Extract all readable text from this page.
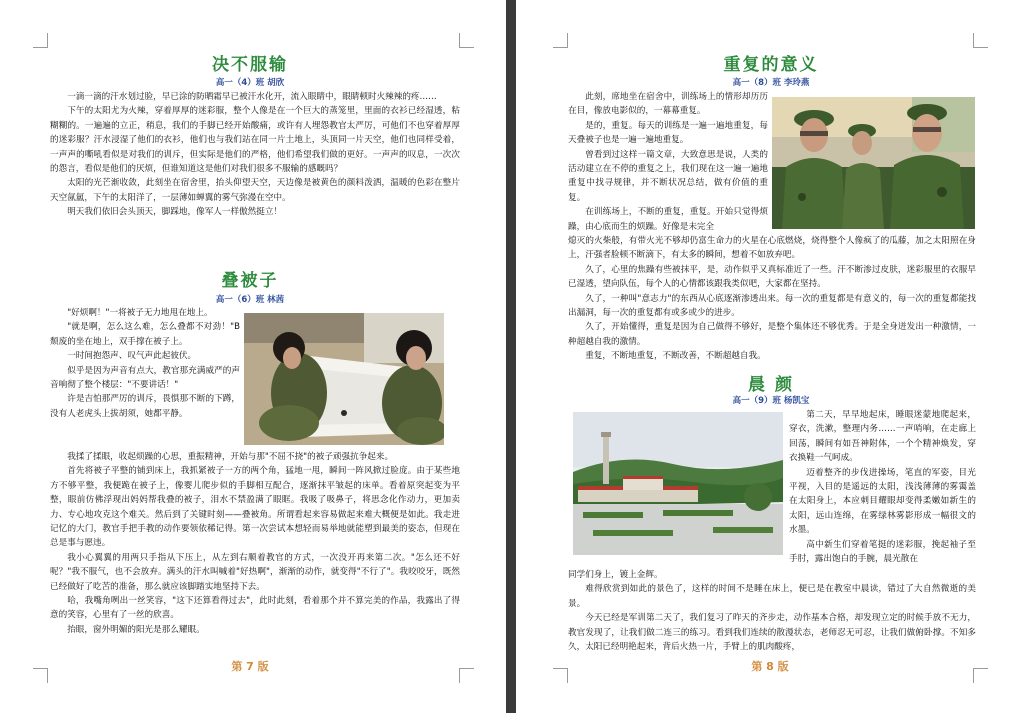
决不服输
高一（4）班 胡欣

一滴一滴的汗水划过脸，早已涂的防晒霜早已被汗水化开，流入眼睛中，眼睛顿时火辣辣的疼……

下午的太阳尤为火辣，穿着厚厚的迷彩服，整个人像是在一个巨大的蒸笼里，里面的衣衫已经湿透，粘糊糊的。一遍遍的立正，稍息，我们的手脚已经开始酸痛，或许有人埋怨教官太严厉，可他们不也穿着厚厚的迷彩服？汗水浸湿了他们的衣衫，他们也与我们站在同一片土地上，头顶同一片天空，他们也同样受着，一声声的嘶吼看似是对我们的训斥，但实际是他们的严格，他们希望我们做的更好。一声声的叹息，一次次的怨言，看似是他们的厌烦，但谁知道这是他们对我们很多不服输的感嘅吗？

太阳的光芒渐收敛，此刻坐在宿舍里，抬头仰望天空，天边像是被黄色的颜料泼洒，温暖的色彩在整片天空氤氲，下午的太阳洋了，一层薄如蝉翼的雾气弥漫在空中。

明天我们依旧会头顶天，脚踩地，像军人一样傲然挺立！

叠被子
高一（6）班 林茜

"好烦啊！"一将被子无力地甩在地上。

"就是啊，怎么这么难，怎么叠都不对劲！"B颓废的坐在地上，双手撑在被子上。

一时间抱怨声、叹气声此起彼伏。

似乎是因为声音有点大，教官那充满威严的声音响彻了整个楼层："不要讲话！"

许是吉怕那严厉的训斥，畏惧那不断的下蹲，没有人老虎头上拔胡须，她都平静。

我揉了揉眼，收起烦躁的心思，重振精神，开始与那"不屈不挠"的被子顽强抗争起来。

首先将被子平整的铺到床上，我抓紧被子一方的两个角，猛地一甩，瞬间一阵风掀过脸庞。由于某些地方不够平整，我便跪在被子上，像婴儿爬步似的手脚相互配合，逐渐抹平皱起的床单。看着原突起变为平整，眼前仿佛浮现出妈妈帮我叠的被子，泪水不禁盈满了眼眶。我吸了吸鼻子，将思念化作动力，更加卖力、专心地攻克这个难关。然后到了关键时刻——叠被角。所谓看起来容易做起来难大概便是如此。我走进记忆的大门，教官手把手教的动作要领依稀记得。第一次尝试本想轻而易举地就能塑到最美的姿态，但现在总是事与愿违。

我小心翼翼的用两只手指从下压上，从左到右顺着教官的方式，一次没开再来第二次。"怎么还不好呢？"我不服气，也不会放弃。满头的汗水叫喊着"好热啊"，渐渐的动作，就变得"不行了"。我咬咬牙，既然已经做好了吃苦的准备，那么就应该脚踏实地坚持下去。

哈，我嘴角咧出一丝笑容，"这下还算看得过去"，此时此刻，看着那个并不算完美的作品，我露出了得意的笑容，心里有了一丝的欣喜。

抬眼，窗外明媚的阳光是那么耀眼。

第 7 版
重复的意义
高一（8）班 李玲燕

此刻，席地坐在宿舍中，训练场上的情形却历历在目，像放电影似的，一幕幕重复。

是的，重复。每天的训练是一遍一遍地重复，每天叠被子也是一遍一遍地重复。

曾看到过这样一篇文章，大致意思是说，人类的活动建立在不停的重复之上，我们现在这一遍一遍地重复中找寻规律，并不断状况总结，做有价值的重复。

在训练场上，不断的重复，重复。开始只觉得烦躁，由心底而生的烦躁。好像是未完全

熄灭的火柴般，有带火光不够却仍富生命力的火星在心底燃烧，烧得整个人像疯了的瓜藤，加之太阳照在身上，汗强者脸顿不断滴下，有太多的瞬间，想着不如放弃吧。

久了，心里的焦躁有些被抹平，是，动作似乎又真标准近了一些。汗不断渗过皮肤，迷彩服里的衣服早已湿透，望向队伍，每个人的心情都该跟我类似吧，大家都在坚持。

久了，一种叫"意志力"的东西从心底逐渐渗透出来。每一次的重复都是有意义的，每一次的重复都能找出漏洞，每一次的重复都有或多或少的进步。

久了，开始懂得，重复是因为自己做得不够好，是整个集体还不够优秀。于是全身迸发出一种激情，一种超越自我的激情。

重复，不断地重复，不断改善，不断超越自我。

晨 颜
高一（9）班 杨凯宝

第二天，早早地起床，睡眼迷蒙地爬起来，穿衣，洗漱，整理内务……一声哨响，在走廊上回荡，瞬间有如吾神附体，一个个精神焕发，穿衣换鞋一气呵成。

迈着整齐的步伐进操场，笔直的军姿，目光平视，入目的是遥远的太阳，浅浅薄薄的雾霭盖在太阳身上，本应刺目耀眼却变得柔嫩如新生的太阳，远山连绵，在雾绿林雾影形成一幅很文的水墨。

高中新生们穿着笔挺的迷彩服，挽起袖子至手肘，露出饱白的手腕，晨光散在

同学们身上，镀上金辉。

难得欣赏到如此的景色了，这样的时间不是睡在床上，便已是在教室中晨读，错过了大自然微逝的美景。

今天已经是军训第二天了，我们复习了昨天的齐步走，动作基本合格，却发现立定的时候手放不无力，教官发现了，让我们做二连三的练习。看到我们连续的散漫状态，老师忍无可忍，让我们做俯卧撑。不知多久，太阳已经明艳起来，背后火热一片，手臂上的肌肉酸疼，

第 8 版
